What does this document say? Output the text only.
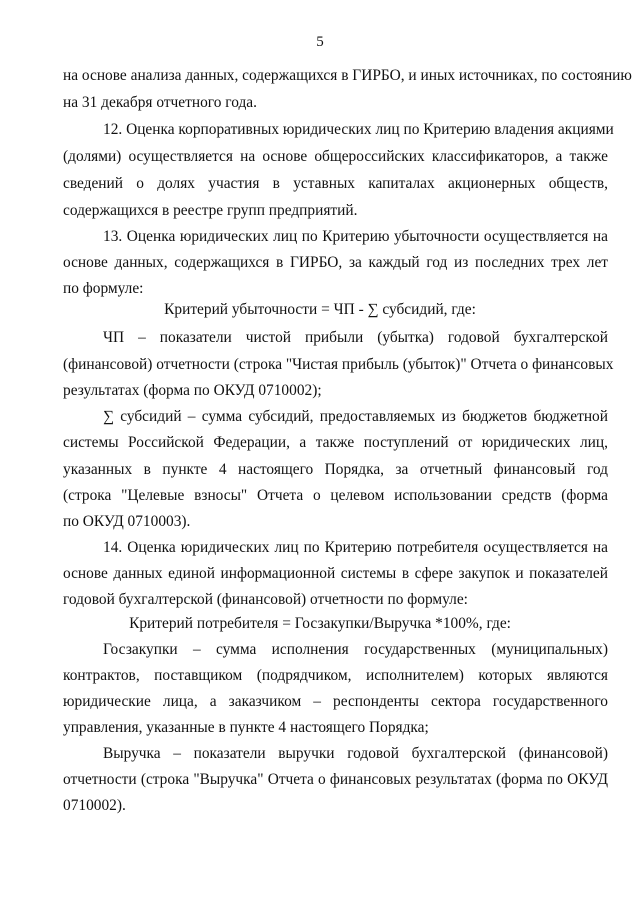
5
на основе анализа данных, содержащихся в ГИРБО, и иных источниках, по состоянию
на 31 декабря отчетного года.
12. Оценка корпоративных юридических лиц по Критерию владения акциями
(долями) осуществляется на основе общероссийских классификаторов, а также
сведений о долях участия в уставных капиталах акционерных обществ,
содержащихся в реестре групп предприятий.
13. Оценка юридических лиц по Критерию убыточности осуществляется на
основе данных, содержащихся в ГИРБО, за каждый год из последних трех лет
по формуле:
Критерий убыточности = ЧП - ∑ субсидий, где:
ЧП – показатели чистой прибыли (убытка) годовой бухгалтерской
(финансовой) отчетности (строка "Чистая прибыль (убыток)" Отчета о финансовых
результатах (форма по ОКУД 0710002);
∑ субсидий – сумма субсидий, предоставляемых из бюджетов бюджетной
системы Российской Федерации, а также поступлений от юридических лиц,
указанных в пункте 4 настоящего Порядка, за отчетный финансовый год
(строка "Целевые взносы" Отчета о целевом использовании средств (форма
по ОКУД 0710003).
14. Оценка юридических лиц по Критерию потребителя осуществляется на
основе данных единой информационной системы в сфере закупок и показателей
годовой бухгалтерской (финансовой) отчетности по формуле:
Критерий потребителя = Госзакупки/Выручка *100%, где:
Госзакупки – сумма исполнения государственных (муниципальных)
контрактов, поставщиком (подрядчиком, исполнителем) которых являются
юридические лица, а заказчиком – респонденты сектора государственного
управления, указанные в пункте 4 настоящего Порядка;
Выручка – показатели выручки годовой бухгалтерской (финансовой)
отчетности (строка "Выручка" Отчета о финансовых результатах (форма по ОКУД
0710002).
